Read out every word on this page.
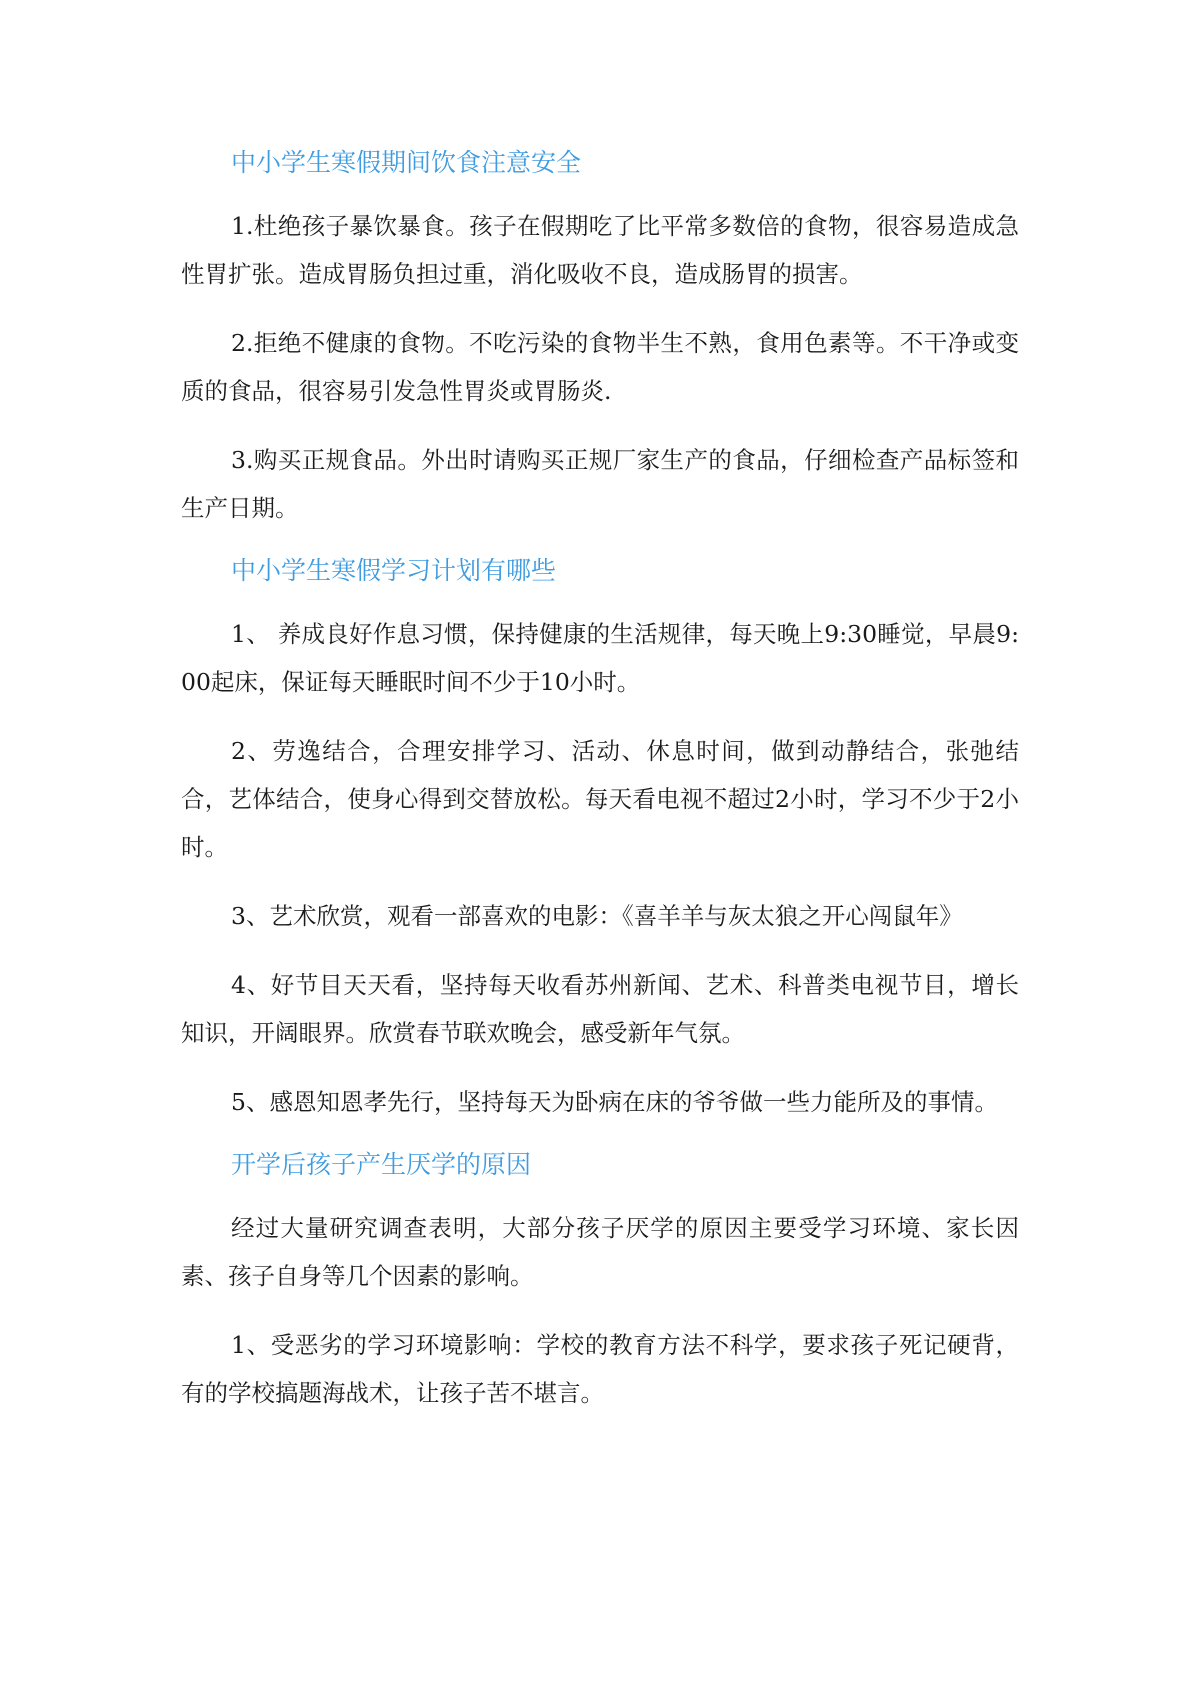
中小学生寒假期间饮食注意安全

1.杜绝孩子暴饮暴食。孩子在假期吃了比平常多数倍的食物，很容易造成急性胃扩张。造成胃肠负担过重，消化吸收不良，造成肠胃的损害。

2.拒绝不健康的食物。不吃污染的食物半生不熟，食用色素等。不干净或变质的食品，很容易引发急性胃炎或胃肠炎.

3.购买正规食品。外出时请购买正规厂家生产的食品，仔细检查产品标签和生产日期。

中小学生寒假学习计划有哪些

1、 养成良好作息习惯，保持健康的生活规律，每天晚上9:30睡觉，早晨9:00起床，保证每天睡眠时间不少于10小时。

2、劳逸结合，合理安排学习、活动、休息时间，做到动静结合，张弛结合，艺体结合，使身心得到交替放松。每天看电视不超过2小时，学习不少于2小时。

3、艺术欣赏，观看一部喜欢的电影：《喜羊羊与灰太狼之开心闯鼠年》

4、好节目天天看，坚持每天收看苏州新闻、艺术、科普类电视节目，增长知识，开阔眼界。欣赏春节联欢晚会，感受新年气氛。

5、感恩知恩孝先行，坚持每天为卧病在床的爷爷做一些力能所及的事情。

开学后孩子产生厌学的原因

经过大量研究调查表明，大部分孩子厌学的原因主要受学习环境、家长因素、孩子自身等几个因素的影响。

1、受恶劣的学习环境影响：学校的教育方法不科学，要求孩子死记硬背，有的学校搞题海战术，让孩子苦不堪言。
